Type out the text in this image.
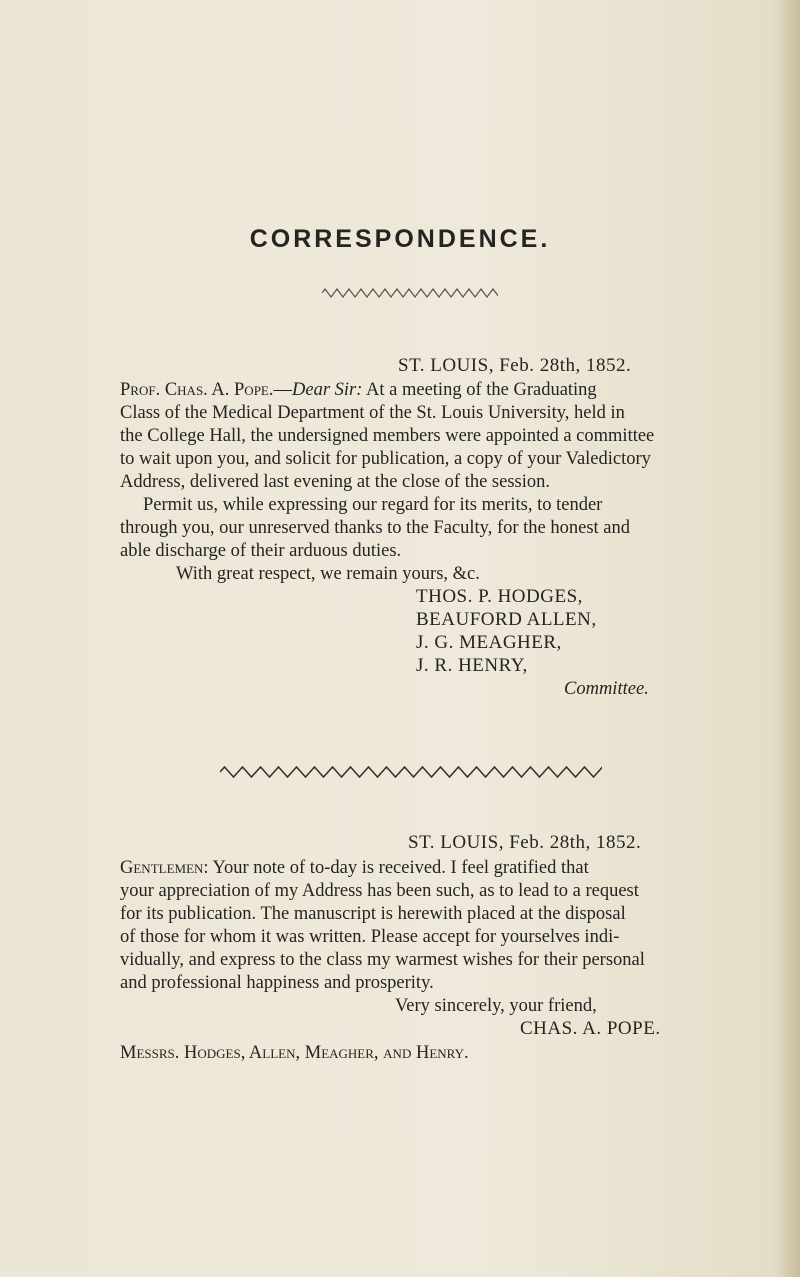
CORRESPONDENCE.
ST. LOUIS, Feb. 28th, 1852.
Prof. Chas. A. Pope.—Dear Sir: At a meeting of the Graduating
Class of the Medical Department of the St. Louis University, held in
the College Hall, the undersigned members were appointed a committee
to wait upon you, and solicit for publication, a copy of your Valedictory
Address, delivered last evening at the close of the session.
Permit us, while expressing our regard for its merits, to tender
through you, our unreserved thanks to the Faculty, for the honest and
able discharge of their arduous duties.
With great respect, we remain yours, &c.
THOS. P. HODGES,
BEAUFORD ALLEN,
J. G. MEAGHER,
J. R. HENRY,
Committee.
ST. LOUIS, Feb. 28th, 1852.
Gentlemen: Your note of to-day is received. I feel gratified that
your appreciation of my Address has been such, as to lead to a request
for its publication. The manuscript is herewith placed at the disposal
of those for whom it was written. Please accept for yourselves indi-
vidually, and express to the class my warmest wishes for their personal
and professional happiness and prosperity.
Very sincerely, your friend,
CHAS. A. POPE.
Messrs. Hodges, Allen, Meagher, and Henry.
